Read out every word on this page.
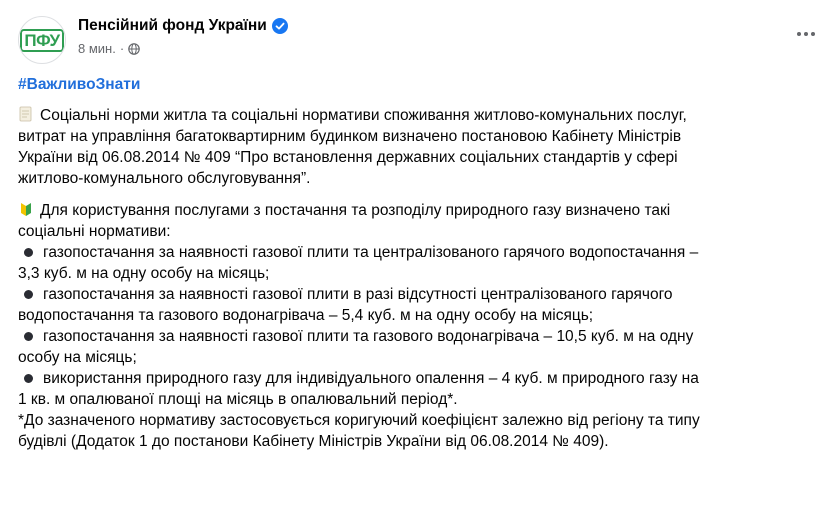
ПФУ
Пенсійний фонд України
8 мин. ·
#ВажливоЗнати
Соціальні норми житла та соціальні нормативи споживання житлово-комунальних послуг,
витрат на управління багатоквартирним будинком визначено постановою Кабінету Міністрів
України від 06.08.2014 № 409 “Про встановлення державних соціальних стандартів у сфері
житлово-комунального обслуговування”.
Для користування послугами з постачання та розподілу природного газу визначено такі
соціальні нормативи:
газопостачання за наявності газової плити та централізованого гарячого водопостачання –
3,3 куб. м на одну особу на місяць;
газопостачання за наявності газової плити в разі відсутності централізованого гарячого
водопостачання та газового водонагрівача – 5,4 куб. м на одну особу на місяць;
газопостачання за наявності газової плити та газового водонагрівача – 10,5 куб. м на одну
особу на місяць;
використання природного газу для індивідуального опалення – 4 куб. м природного газу на
1 кв. м опалюваної площі на місяць в опалювальний період*.
*До зазначеного нормативу застосовується коригуючий коефіцієнт залежно від регіону та типу
будівлі (Додаток 1 до постанови Кабінету Міністрів України від 06.08.2014 № 409).
